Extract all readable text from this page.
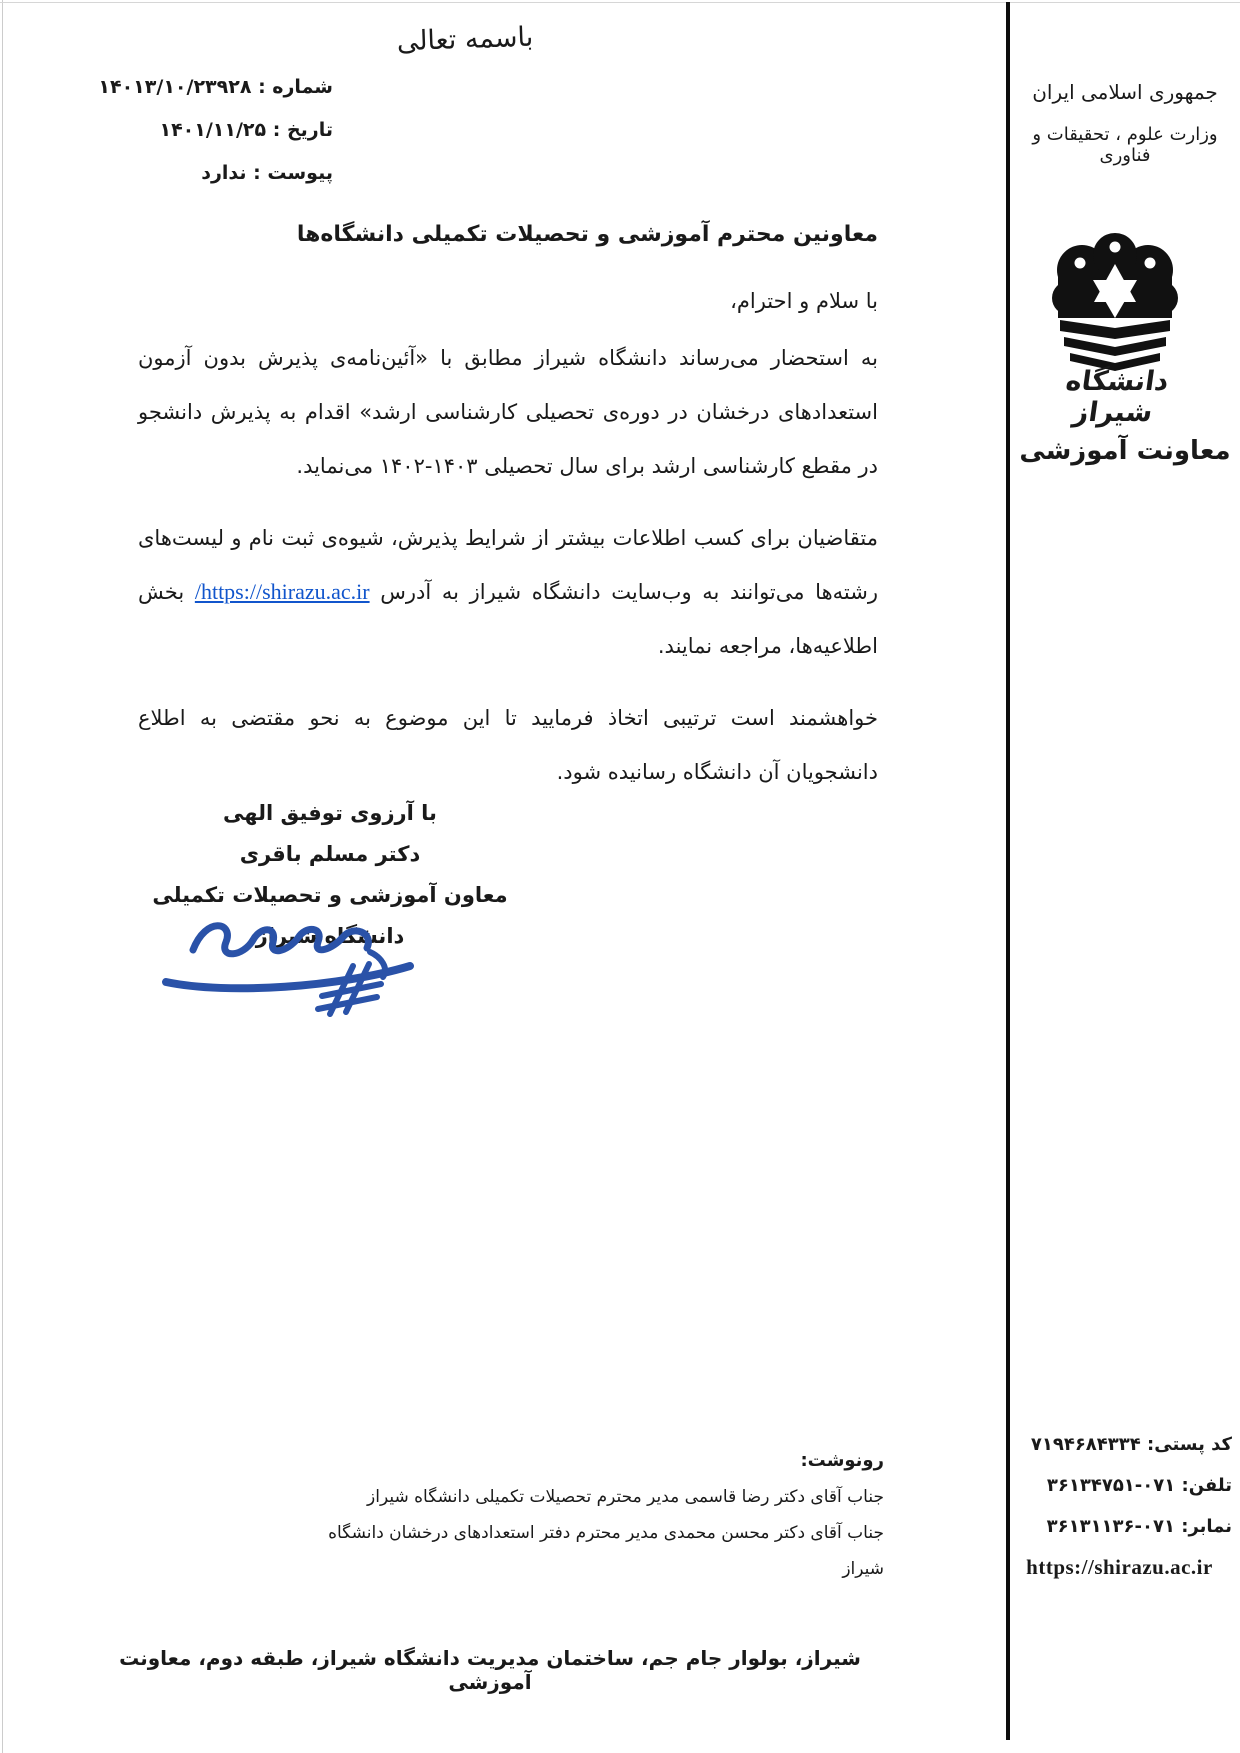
باسمه تعالی
شماره : ۱۴۰۱۳/۱۰/۲۳۹۲۸
تاریخ : ۱۴۰۱/۱۱/۲۵
پیوست : ندارد
جمهوری اسلامی ایران
وزارت علوم ، تحقیقات و فناوری
دانشگاه شیراز
معاونت آموزشی
معاونین محترم آموزشی و تحصیلات تکمیلی دانشگاه‌ها
با سلام و احترام،

به استحضار می‌رساند دانشگاه شیراز مطابق با «آئین‌نامه‌ی پذیرش بدون آزمون استعدادهای درخشان در دوره‌ی تحصیلی کارشناسی ارشد» اقدام به پذیرش دانشجو در مقطع کارشناسی ارشد برای سال تحصیلی ۱۴۰۳-۱۴۰۲ می‌نماید.

متقاضیان برای کسب اطلاعات بیشتر از شرایط پذیرش، شیوه‌ی ثبت نام و لیست‌های رشته‌ها می‌توانند به وب‌سایت دانشگاه شیراز به آدرس /https://shirazu.ac.ir بخش اطلاعیه‌ها، مراجعه نمایند.

خواهشمند است ترتیبی اتخاذ فرمایید تا این موضوع به نحو مقتضی به اطلاع دانشجویان آن دانشگاه رسانیده شود.

با آرزوی توفیق الهی
دکتر مسلم باقری
معاون آموزشی و تحصیلات تکمیلی
دانشگاه شیراز
رونوشت:
جناب آقای دکتر رضا قاسمی مدیر محترم تحصیلات تکمیلی دانشگاه شیراز
جناب آقای دکتر محسن محمدی مدیر محترم دفتر استعدادهای درخشان دانشگاه شیراز
کد پستی: ۷۱۹۴۶۸۴۳۳۴
تلفن: ۰۷۱-۳۶۱۳۴۷۵۱
نمابر: ۰۷۱-۳۶۱۳۱۱۳۶
https://shirazu.ac.ir
شیراز، بولوار جام جم، ساختمان مدیریت دانشگاه شیراز، طبقه دوم، معاونت آموزشی
